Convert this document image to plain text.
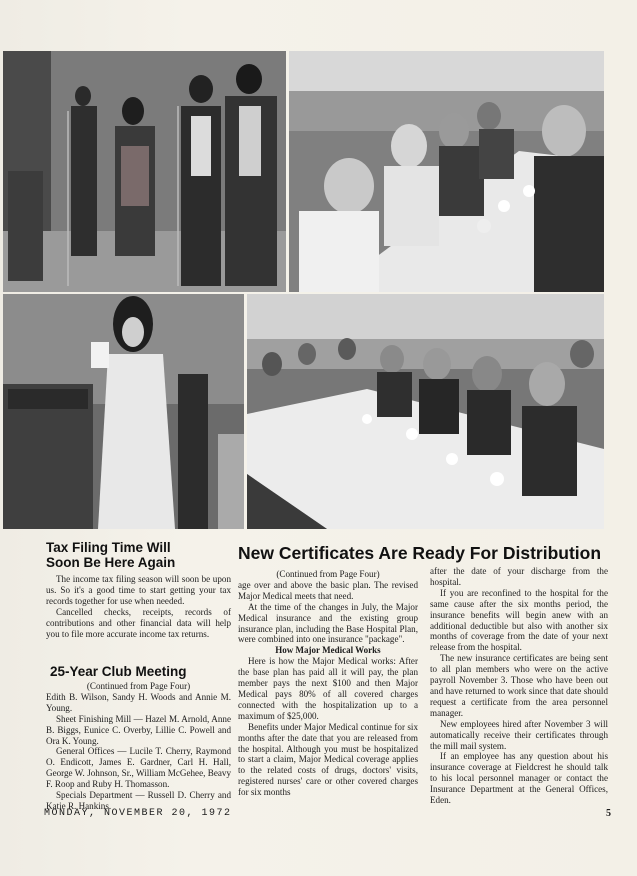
Tax Filing Time Will
Soon Be Here Again

The income tax filing season will soon be upon us. So it's a good time to start getting your tax records together for use when needed.

Cancelled checks, receipts, records of contributions and other financial data will help you to file more accurate income tax returns.

25-Year Club Meeting

(Continued from Page Four)

Edith B. Wilson, Sandy H. Woods and Annie M. Young.

Sheet Finishing Mill — Hazel M. Arnold, Anne B. Biggs, Eunice C. Overby, Lillie C. Powell and Ora K. Young.

General Offices — Lucile T. Cherry, Raymond O. Endicott, James E. Gardner, Carl H. Hall, George W. Johnson, Sr., William McGehee, Beavy F. Roop and Ruby H. Thomasson.

Specials Department — Russell D. Cherry and Katie R. Hankins.

New Certificates Are Ready For Distribution

(Continued from Page Four)

age over and above the basic plan. The revised Major Medical meets that need.

At the time of the changes in July, the Major Medical insurance and the existing group insurance plan, including the Base Hospital Plan, were combined into one insurance "package".

How Major Medical Works

Here is how the Major Medical works: After the base plan has paid all it will pay, the plan member pays the next $100 and then Major Medical pays 80% of all covered charges connected with the hospitalization up to a maximum of $25,000.

Benefits under Major Medical continue for six months after the date that you are released from the hospital. Although you must be hospitalized to start a claim, Major Medical coverage applies to the related costs of drugs, doctors' visits, registered nurses' care or other covered charges for six months

after the date of your discharge from the hospital.

If you are reconfined to the hospital for the same cause after the six months period, the insurance benefits will begin anew with an additional deductible but also with another six months of coverage from the date of your next release from the hospital.

The new insurance certificates are being sent to all plan members who were on the active payroll November 3. Those who have been out and have returned to work since that date should request a certificate from the area personnel manager.

New employees hired after November 3 will automatically receive their certificates through the mill mail system.

If an employee has any question about his insurance coverage at Fieldcrest he should talk to his local personnel manager or contact the Insurance Department at the General Offices, Eden.

MONDAY, NOVEMBER 20, 1972	5
